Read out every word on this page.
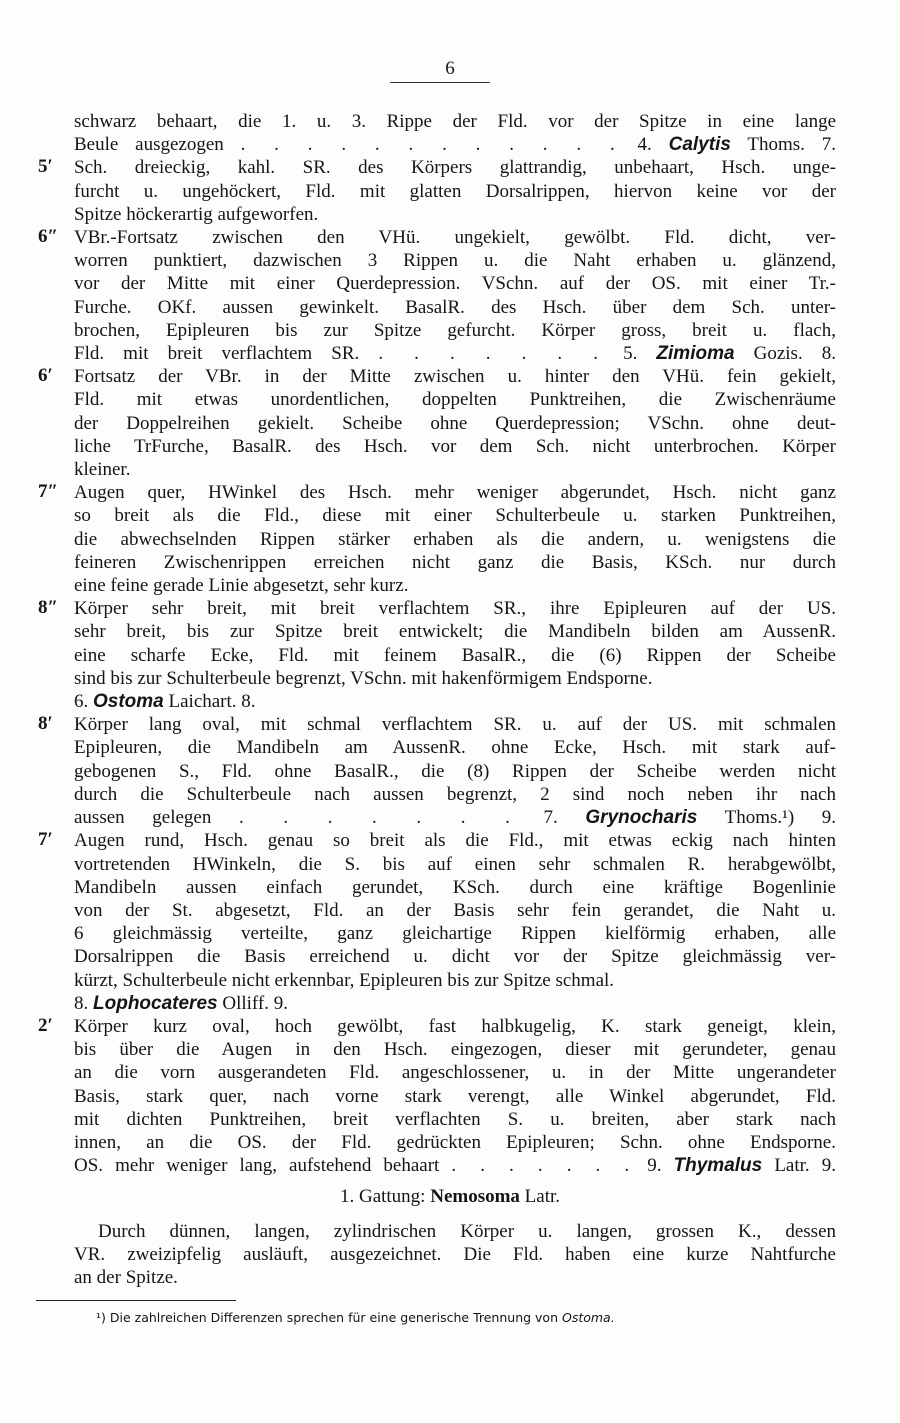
6
schwarz behaart, die 1. u. 3. Rippe der Fld. vor der Spitze in eine lange
Beule ausgezogen . . . . . . . . . . . . 4. Calytis Thoms. 7.
5′ Sch. dreieckig, kahl. SR. des Körpers glattrandig, unbehaart, Hsch. unge-
furcht u. ungehöckert, Fld. mit glatten Dorsalrippen, hiervon keine vor der
Spitze höckerartig aufgeworfen.
6″ VBr.-Fortsatz zwischen den VHü. ungekielt, gewölbt. Fld. dicht, ver-
worren punktiert, dazwischen 3 Rippen u. die Naht erhaben u. glänzend,
vor der Mitte mit einer Querdepression. VSchn. auf der OS. mit einer Tr.-
Furche. OKf. aussen gewinkelt. BasalR. des Hsch. über dem Sch. unter-
brochen, Epipleuren bis zur Spitze gefurcht. Körper gross, breit u. flach,
Fld. mit breit verflachtem SR. . . . . . . . 5. Zimioma Gozis. 8.
6′ Fortsatz der VBr. in der Mitte zwischen u. hinter den VHü. fein gekielt,
Fld. mit etwas unordentlichen, doppelten Punktreihen, die Zwischenräume
der Doppelreihen gekielt. Scheibe ohne Querdepression; VSchn. ohne deut-
liche TrFurche, BasalR. des Hsch. vor dem Sch. nicht unterbrochen. Körper
kleiner.
7″ Augen quer, HWinkel des Hsch. mehr weniger abgerundet, Hsch. nicht ganz
so breit als die Fld., diese mit einer Schulterbeule u. starken Punktreihen,
die abwechselnden Rippen stärker erhaben als die andern, u. wenigstens die
feineren Zwischenrippen erreichen nicht ganz die Basis, KSch. nur durch
eine feine gerade Linie abgesetzt, sehr kurz.
8″ Körper sehr breit, mit breit verflachtem SR., ihre Epipleuren auf der US.
sehr breit, bis zur Spitze breit entwickelt; die Mandibeln bilden am AussenR.
eine scharfe Ecke, Fld. mit feinem BasalR., die (6) Rippen der Scheibe
sind bis zur Schulterbeule begrenzt, VSchn. mit hakenförmigem Endsporne.
6. Ostoma Laichart. 8.
8′ Körper lang oval, mit schmal verflachtem SR. u. auf der US. mit schmalen
Epipleuren, die Mandibeln am AussenR. ohne Ecke, Hsch. mit stark auf-
gebogenen S., Fld. ohne BasalR., die (8) Rippen der Scheibe werden nicht
durch die Schulterbeule nach aussen begrenzt, 2 sind noch neben ihr nach
aussen gelegen . . . . . . . 7. Grynocharis Thoms.¹) 9.
7′ Augen rund, Hsch. genau so breit als die Fld., mit etwas eckig nach hinten
vortretenden HWinkeln, die S. bis auf einen sehr schmalen R. herabgewölbt,
Mandibeln aussen einfach gerundet, KSch. durch eine kräftige Bogenlinie
von der St. abgesetzt, Fld. an der Basis sehr fein gerandet, die Naht u.
6 gleichmässig verteilte, ganz gleichartige Rippen kielförmig erhaben, alle
Dorsalrippen die Basis erreichend u. dicht vor der Spitze gleichmässig ver-
kürzt, Schulterbeule nicht erkennbar, Epipleuren bis zur Spitze schmal.
8. Lophocateres Olliff. 9.
2′ Körper kurz oval, hoch gewölbt, fast halbkugelig, K. stark geneigt, klein,
bis über die Augen in den Hsch. eingezogen, dieser mit gerundeter, genau
an die vorn ausgerandeten Fld. angeschlossener, u. in der Mitte ungerandeter
Basis, stark quer, nach vorne stark verengt, alle Winkel abgerundet, Fld.
mit dichten Punktreihen, breit verflachten S. u. breiten, aber stark nach
innen, an die OS. der Fld. gedrückten Epipleuren; Schn. ohne Endsporne.
OS. mehr weniger lang, aufstehend behaart . . . . . . . 9. Thymalus Latr. 9.
1. Gattung: Nemosoma Latr.
Durch dünnen, langen, zylindrischen Körper u. langen, grossen K., dessen
VR. zweizipfelig ausläuft, ausgezeichnet. Die Fld. haben eine kurze Nahtfurche
an der Spitze.
¹) Die zahlreichen Differenzen sprechen für eine generische Trennung von Ostoma.
